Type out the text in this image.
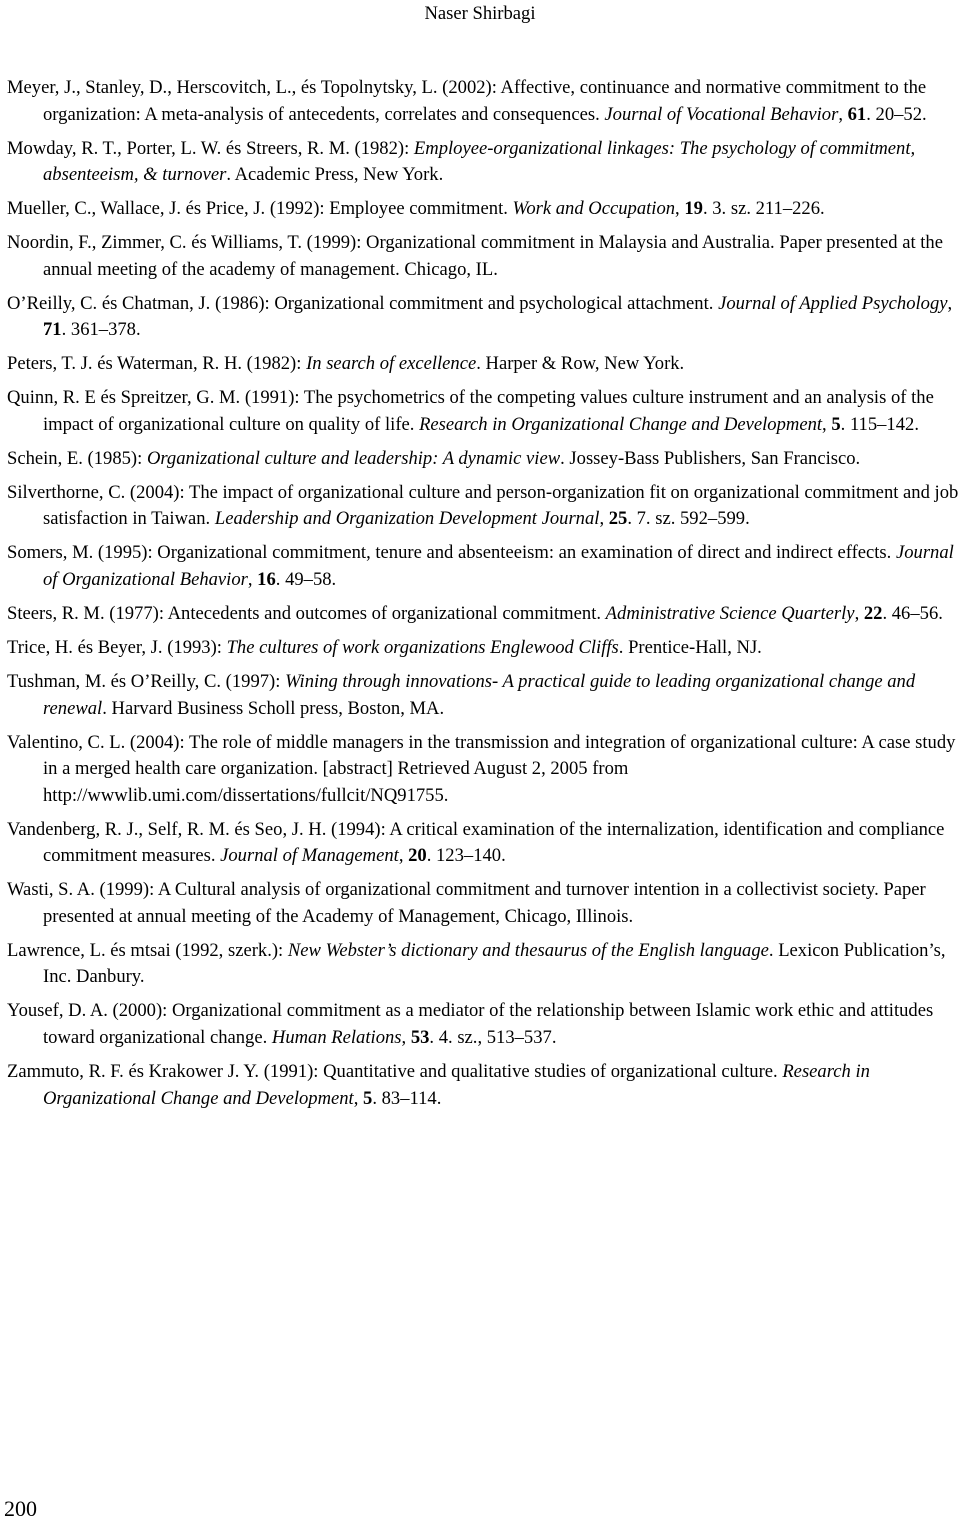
Naser Shirbagi
Meyer, J., Stanley, D., Herscovitch, L., és Topolnytsky, L. (2002): Affective, continuance and normative commitment to the organization: A meta-analysis of antecedents, correlates and consequences. Journal of Vocational Behavior, 61. 20–52.
Mowday, R. T., Porter, L. W. és Streers, R. M. (1982): Employee-organizational linkages: The psychology of commitment, absenteeism, & turnover. Academic Press, New York.
Mueller, C., Wallace, J. és Price, J. (1992): Employee commitment. Work and Occupation, 19. 3. sz. 211–226.
Noordin, F., Zimmer, C. és Williams, T. (1999): Organizational commitment in Malaysia and Australia. Paper presented at the annual meeting of the academy of management. Chicago, IL.
O’Reilly, C. és Chatman, J. (1986): Organizational commitment and psychological attachment. Journal of Applied Psychology, 71. 361–378.
Peters, T. J. és Waterman, R. H. (1982): In search of excellence. Harper & Row, New York.
Quinn, R. E és Spreitzer, G. M. (1991): The psychometrics of the competing values culture instrument and an analysis of the impact of organizational culture on quality of life. Research in Organizational Change and Development, 5. 115–142.
Schein, E. (1985): Organizational culture and leadership: A dynamic view. Jossey-Bass Publishers, San Francisco.
Silverthorne, C. (2004): The impact of organizational culture and person-organization fit on organizational commitment and job satisfaction in Taiwan. Leadership and Organization Development Journal, 25. 7. sz. 592–599.
Somers, M. (1995): Organizational commitment, tenure and absenteeism: an examination of direct and indirect effects. Journal of Organizational Behavior, 16. 49–58.
Steers, R. M. (1977): Antecedents and outcomes of organizational commitment. Administrative Science Quarterly, 22. 46–56.
Trice, H. és Beyer, J. (1993): The cultures of work organizations Englewood Cliffs. Prentice-Hall, NJ.
Tushman, M. és O’Reilly, C. (1997): Wining through innovations- A practical guide to leading organizational change and renewal. Harvard Business Scholl press, Boston, MA.
Valentino, C. L. (2004): The role of middle managers in the transmission and integration of organizational culture: A case study in a merged health care organization. [abstract] Retrieved August 2, 2005 from http://wwwlib.umi.com/dissertations/fullcit/NQ91755.
Vandenberg, R. J., Self, R. M. és Seo, J. H. (1994): A critical examination of the internalization, identification and compliance commitment measures. Journal of Management, 20. 123–140.
Wasti, S. A. (1999): A Cultural analysis of organizational commitment and turnover intention in a collectivist society. Paper presented at annual meeting of the Academy of Management, Chicago, Illinois.
Lawrence, L. és mtsai (1992, szerk.): New Webster’s dictionary and thesaurus of the English language. Lexicon Publication’s, Inc. Danbury.
Yousef, D. A. (2000): Organizational commitment as a mediator of the relationship between Islamic work ethic and attitudes toward organizational change. Human Relations, 53. 4. sz., 513–537.
Zammuto, R. F. és Krakower J. Y. (1991): Quantitative and qualitative studies of organizational culture. Research in Organizational Change and Development, 5. 83–114.
200
